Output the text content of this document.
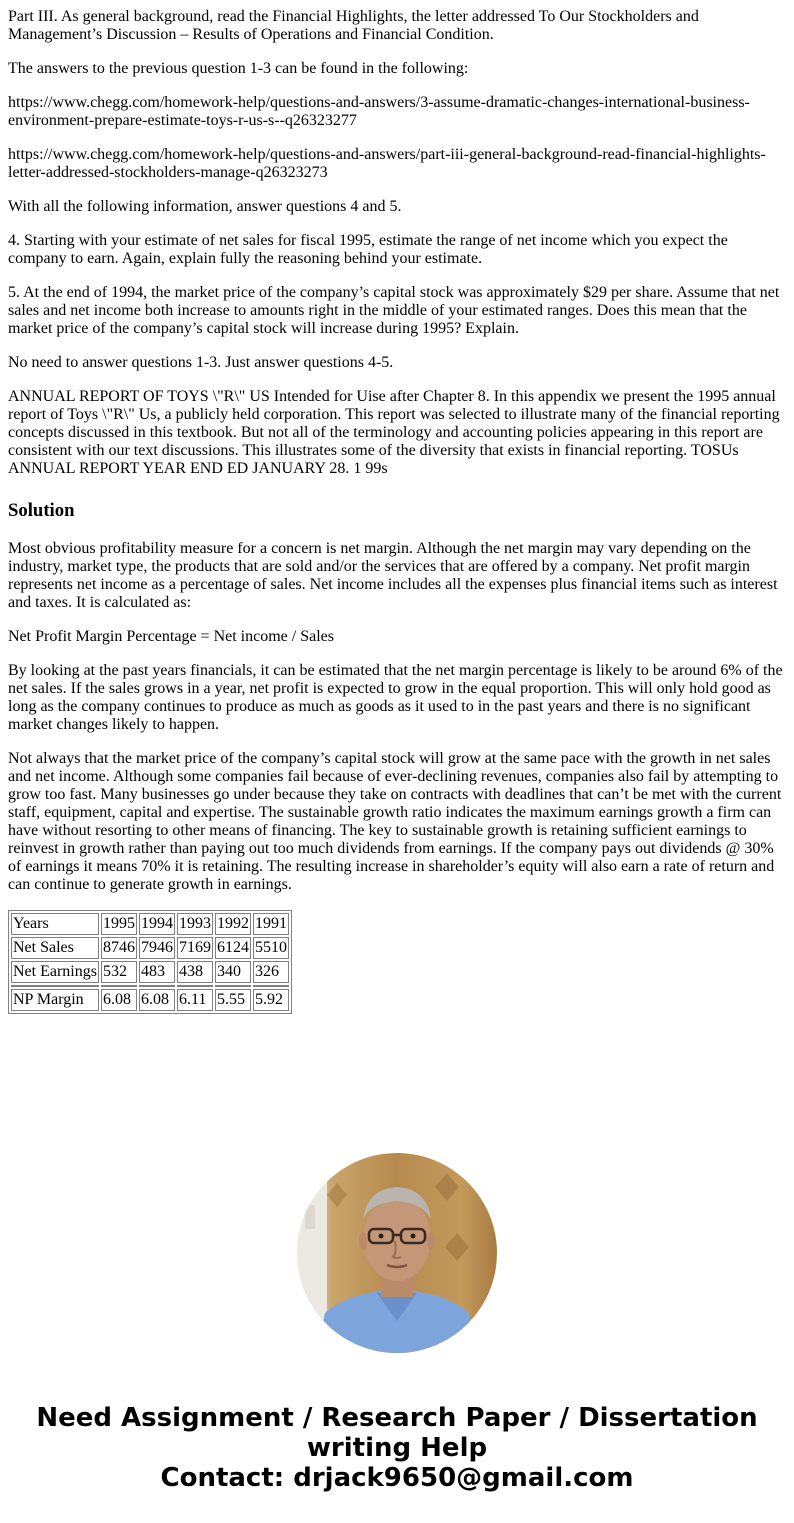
Part III. As general background, read the Financial Highlights, the letter addressed To Our Stockholders and Management’s Discussion – Results of Operations and Financial Condition.

The answers to the previous question 1-3 can be found in the following:

https://www.chegg.com/homework-help/questions-and-answers/3-assume-dramatic-changes-international-business-environment-prepare-estimate-toys-r-us-s--q26323277

https://www.chegg.com/homework-help/questions-and-answers/part-iii-general-background-read-financial-highlights-letter-addressed-stockholders-manage-q26323273

With all the following information, answer questions 4 and 5.

4. Starting with your estimate of net sales for fiscal 1995, estimate the range of net income which you expect the company to earn. Again, explain fully the reasoning behind your estimate.

5. At the end of 1994, the market price of the company’s capital stock was approximately $29 per share. Assume that net sales and net income both increase to amounts right in the middle of your estimated ranges. Does this mean that the market price of the company’s capital stock will increase during 1995? Explain.

No need to answer questions 1-3. Just answer questions 4-5.

ANNUAL REPORT OF TOYS \"R\" US Intended for Uise after Chapter 8. In this appendix we present the 1995 annual report of Toys \"R\" Us, a publicly held corporation. This report was selected to illustrate many of the financial reporting concepts discussed in this textbook. But not all of the terminology and accounting policies appearing in this report are consistent with our text discussions. This illustrates some of the diversity that exists in financial reporting. TOSUs ANNUAL REPORT YEAR END ED JANUARY 28. 1 99s

Solution

Most obvious profitability measure for a concern is net margin. Although the net margin may vary depending on the industry, market type, the products that are sold and/or the services that are offered by a company. Net profit margin represents net income as a percentage of sales. Net income includes all the expenses plus financial items such as interest and taxes. It is calculated as:

Net Profit Margin Percentage = Net income / Sales

By looking at the past years financials, it can be estimated that the net margin percentage is likely to be around 6% of the net sales. If the sales grows in a year, net profit is expected to grow in the equal proportion. This will only hold good as long as the company continues to produce as much as goods as it used to in the past years and there is no significant market changes likely to happen.

Not always that the market price of the company’s capital stock will grow at the same pace with the growth in net sales and net income. Although some companies fail because of ever-declining revenues, companies also fail by attempting to grow too fast. Many businesses go under because they take on contracts with deadlines that can’t be met with the current staff, equipment, capital and expertise. The sustainable growth ratio indicates the maximum earnings growth a firm can have without resorting to other means of financing. The key to sustainable growth is retaining sufficient earnings to reinvest in growth rather than paying out too much dividends from earnings. If the company pays out dividends @ 30% of earnings it means 70% it is retaining. The resulting increase in shareholder’s equity will also earn a rate of return and can continue to generate growth in earnings.

Years	1995	1994	1993	1992	1991
Net Sales	8746	7946	7169	6124	5510
Net Earnings	532	483	438	340	326

NP Margin	6.08	6.08	6.11	5.55	5.92
Need Assignment / Research Paper / Dissertation
writing Help
Contact: drjack9650@gmail.com
